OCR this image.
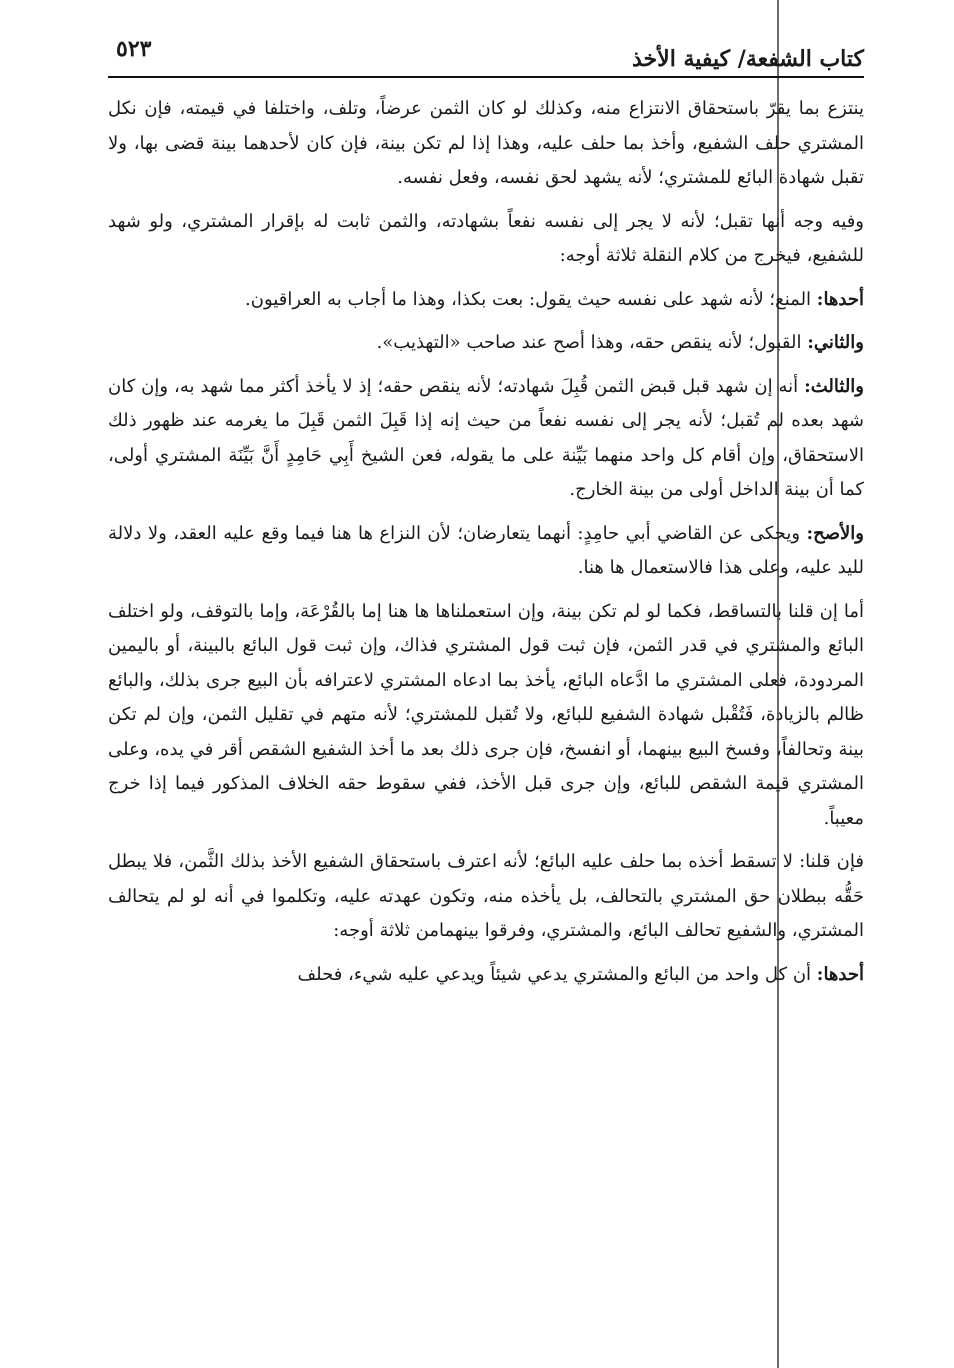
كتاب الشفعة/ كيفية الأخذ
٥٢٣

ينتزع بما يقرّ باستحقاق الانتزاع منه، وكذلك لو كان الثمن عرضاً، وتلف، واختلفا في قيمته، فإن نكل المشتري حلف الشفيع، وأخذ بما حلف عليه، وهذا إذا لم تكن بينة، فإن كان لأحدهما بينة قضى بها، ولا تقبل شهادة البائع للمشتري؛ لأنه يشهد لحق نفسه، وفعل نفسه.

وفيه وجه أنها تقبل؛ لأنه لا يجر إلى نفسه نفعاً بشهادته، والثمن ثابت له بإقرار المشتري، ولو شهد للشفيع، فيخرج من كلام النقلة ثلاثة أوجه:

أحدها: المنع؛ لأنه شهد على نفسه حيث يقول: بعت بكذا، وهذا ما أجاب به العراقيون.

والثاني: القبول؛ لأنه ينقص حقه، وهذا أصح عند صاحب «التهذيب».

والثالث: أنه إن شهد قبل قبض الثمن قُبِلَ شهادته؛ لأنه ينقص حقه؛ إذ لا يأخذ أكثر مما شهد به، وإن كان شهد بعده لم تُقبل؛ لأنه يجر إلى نفسه نفعاً من حيث إنه إذا قَبِلَ الثمن قَبِلَ ما يغرمه عند ظهور ذلك الاستحقاق، وإن أقام كل واحد منهما بَيِّنة على ما يقوله، فعن الشيخ أَبِي حَامِدٍ أَنَّ بَيِّنَة المشتري أولى، كما أن بينة الداخل أولى من بينة الخارج.

والأصح: ويحكى عن القاضي أبي حامِدٍ: أنهما يتعارضان؛ لأن النزاع ها هنا فيما وقع عليه العقد، ولا دلالة لليد عليه، وعلى هذا فالاستعمال ها هنا.

أما إن قلنا بالتساقط، فكما لو لم تكن بينة، وإن استعملناها ها هنا إما بالقُرْعَة، وإما بالتوقف، ولو اختلف البائع والمشتري في قدر الثمن، فإن ثبت قول المشتري فذاك، وإن ثبت قول البائع بالبينة، أو باليمين المردودة، فعلى المشتري ما ادَّعاه البائع، يأخذ بما ادعاه المشتري لاعترافه بأن البيع جرى بذلك، والبائع ظالم بالزيادة، فَتُقْبل شهادة الشفيع للبائع، ولا تُقبل للمشتري؛ لأنه متهم في تقليل الثمن، وإن لم تكن بينة وتحالفاً، وفسخ البيع بينهما، أو انفسخ، فإن جرى ذلك بعد ما أخذ الشفيع الشقص أقر في يده، وعلى المشتري قيمة الشقص للبائع، وإن جرى قبل الأخذ، ففي سقوط حقه الخلاف المذكور فيما إذا خرج معيباً.

فإن قلنا: لا تسقط أخذه بما حلف عليه البائع؛ لأنه اعترف باستحقاق الشفيع الأخذ بذلك الثَّمن، فلا يبطل حَقُّه ببطلان حق المشتري بالتحالف، بل يأخذه منه، وتكون عهدته عليه، وتكلموا في أنه لو لم يتحالف المشتري، والشفيع تحالف البائع، والمشتري، وفرقوا بينهمامن ثلاثة أوجه:

أحدها: أن كل واحد من البائع والمشتري يدعي شيئاً ويدعي عليه شيء، فحلف
